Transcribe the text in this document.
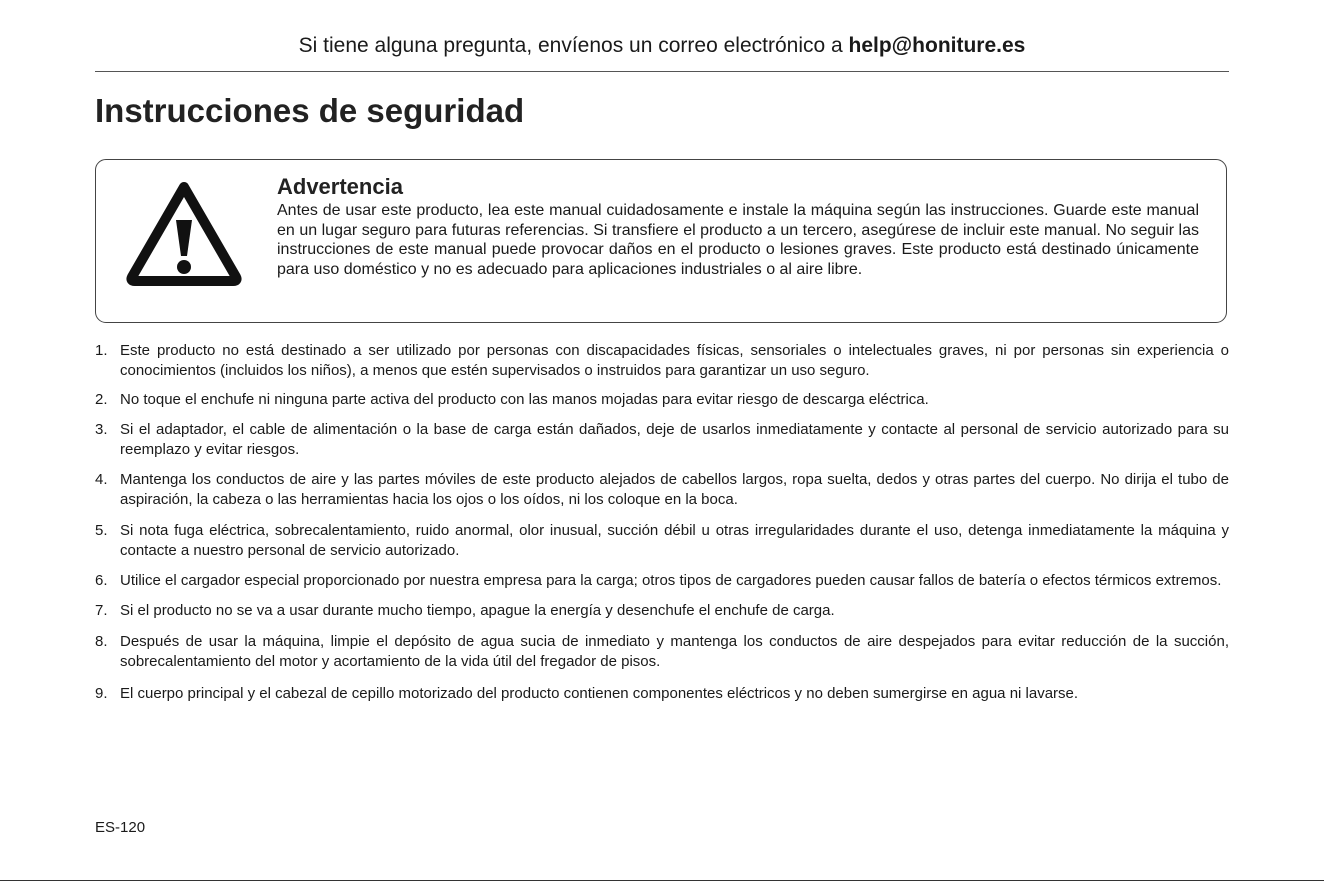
Si tiene alguna pregunta, envíenos un correo electrónico a help@honiture.es
Instrucciones de seguridad
Advertencia
Antes de usar este producto, lea este manual cuidadosamente e instale la máquina según las instrucciones. Guarde este manual en un lugar seguro para futuras referencias. Si transfiere el producto a un tercero, asegúrese de incluir este manual. No seguir las instrucciones de este manual puede provocar daños en el producto o lesiones graves. Este producto está destinado únicamente para uso doméstico y no es adecuado para aplicaciones industriales o al aire libre.
1. Este producto no está destinado a ser utilizado por personas con discapacidades físicas, sensoriales o intelectuales graves, ni por personas sin experiencia o conocimientos (incluidos los niños), a menos que estén supervisados o instruidos para garantizar un uso seguro.
2. No toque el enchufe ni ninguna parte activa del producto con las manos mojadas para evitar riesgo de descarga eléctrica.
3. Si el adaptador, el cable de alimentación o la base de carga están dañados, deje de usarlos inmediatamente y contacte al personal de servicio autorizado para su reemplazo y evitar riesgos.
4. Mantenga los conductos de aire y las partes móviles de este producto alejados de cabellos largos, ropa suelta, dedos y otras partes del cuerpo. No dirija el tubo de aspiración, la cabeza o las herramientas hacia los ojos o los oídos, ni los coloque en la boca.
5. Si nota fuga eléctrica, sobrecalentamiento, ruido anormal, olor inusual, succión débil u otras irregularidades durante el uso, detenga inmediatamente la máquina y contacte a nuestro personal de servicio autorizado.
6. Utilice el cargador especial proporcionado por nuestra empresa para la carga; otros tipos de cargadores pueden causar fallos de batería o efectos térmicos extremos.
7. Si el producto no se va a usar durante mucho tiempo, apague la energía y desenchufe el enchufe de carga.
8. Después de usar la máquina, limpie el depósito de agua sucia de inmediato y mantenga los conductos de aire despejados para evitar reducción de la succión, sobrecalentamiento del motor y acortamiento de la vida útil del fregador de pisos.
9. El cuerpo principal y el cabezal de cepillo motorizado del producto contienen componentes eléctricos y no deben sumergirse en agua ni lavarse.
ES-120
